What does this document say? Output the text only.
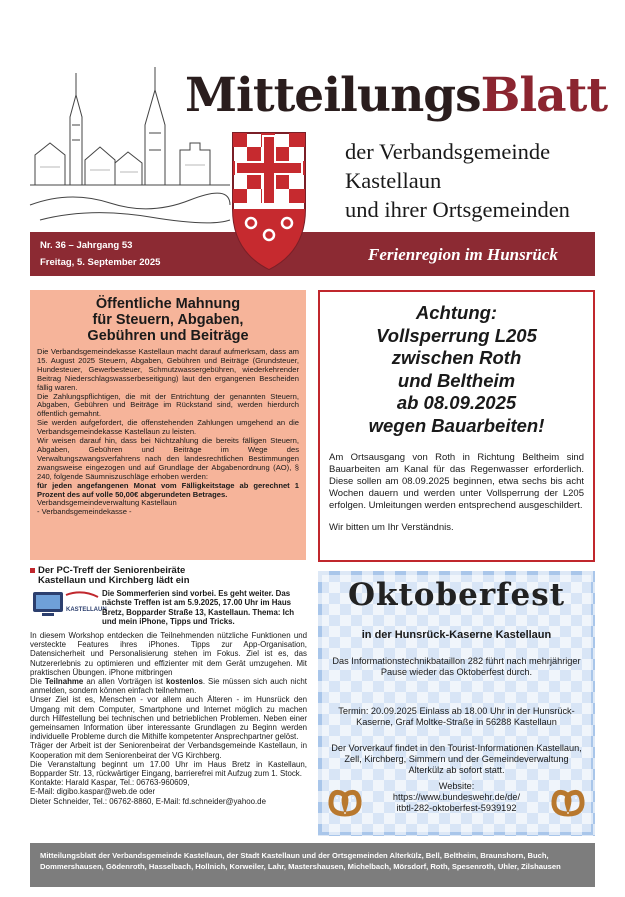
MitteilungsBlatt
der Verbandsgemeinde
Kastellaun
und ihrer Ortsgemeinden
Nr. 36 – Jahrgang 53
Freitag, 5. September 2025	Ferienregion im Hunsrück
Öffentliche Mahnung
für Steuern, Abgaben,
Gebühren und Beiträge

Die Verbandsgemeindekasse Kastellaun macht darauf aufmerksam, dass am 15. August 2025 Steuern, Abgaben, Gebühren und Beiträge (Grundsteuer, Hundesteuer, Gewerbesteuer, Schmutzwassergebühren, wiederkehrender Beitrag Niederschlagswasserbeseitigung) laut den ergangenen Bescheiden fällig waren.

Die Zahlungspflichtigen, die mit der Entrichtung der genannten Steuern, Abgaben, Gebühren und Beiträge im Rückstand sind, werden hierdurch öffentlich gemahnt.

Sie werden aufgefordert, die offenstehenden Zahlungen umgehend an die Verbandsgemeindekasse Kastellaun zu leisten.

Wir weisen darauf hin, dass bei Nichtzahlung die bereits fälligen Steuern, Abgaben, Gebühren und Beiträge im Wege des Verwaltungszwangsverfahrens nach den landesrechtlichen Bestimmungen zwangsweise eingezogen und auf Grundlage der Abgabenordnung (AO), § 240, folgende Säumniszuschläge erhoben werden:

für jeden angefangenen Monat vom Fälligkeitstage ab gerechnet 1 Prozent des auf volle 50,00€ abgerundeten Betrages.

Verbandsgemeindeverwaltung Kastellaun

- Verbandsgemeindekasse -

Achtung:
Vollsperrung L205
zwischen Roth
und Beltheim
ab 08.09.2025
wegen Bauarbeiten!
Am Ortsausgang von Roth in Richtung Beltheim sind Bauarbeiten am Kanal für das Regenwasser erforderlich. Diese sollen am 08.09.2025 beginnen, etwa sechs bis acht Wochen dauern und werden unter Vollsperrung der L205 erfolgen. Umleitungen werden entsprechend ausgeschildert.
Wir bitten um Ihr Verständnis.
Der PC-Treff der Seniorenbeiräte
Kastellaun und Kirchberg lädt ein
KASTELLAUN
Die Sommerferien sind vorbei. Es geht weiter. Das nächste Treffen ist am 5.9.2025, 17.00 Uhr im Haus Bretz, Bopparder Straße 13, Kastellaun. Thema: Ich und mein iPhone, Tipps und Tricks.
In diesem Workshop entdecken die Teilnehmenden nützliche Funktionen und versteckte Features ihres iPhones. Tipps zur App-Organisation, Datensicherheit und Personalisierung stehen im Fokus. Ziel ist es, das Nutzererlebnis zu optimieren und effizienter mit dem Gerät umzugehen. Mit praktischen Übungen. iPhone mitbringen
Die Teilnahme an allen Vorträgen ist kostenlos. Sie müssen sich auch nicht anmelden, sondern können einfach teilnehmen.
Unser Ziel ist es, Menschen - vor allem auch Älteren - im Hunsrück den Umgang mit dem Computer, Smartphone und Internet möglich zu machen durch Hilfestellung bei technischen und betrieblichen Problemen. Neben einer gemeinsamen Information über interessante Grundlagen zu Beginn werden individuelle Probleme durch die Mithilfe kompetenter Ansprechpartner gelöst.
Träger der Arbeit ist der Seniorenbeirat der Verbandsgemeinde Kastellaun, in Kooperation mit dem Seniorenbeirat der VG Kirchberg.
Die Veranstaltung beginnt um 17.00 Uhr im Haus Bretz in Kastellaun, Bopparder Str. 13, rückwärtiger Eingang, barrierefrei mit Aufzug zum 1. Stock.
Kontakte: Harald Kaspar, Tel.: 06763-960609,
E-Mail: digibo.kaspar@web.de oder
Dieter Schneider, Tel.: 06762-8860, E-Mail: fd.schneider@yahoo.de
Oktoberfest
in der Hunsrück-Kaserne Kastellaun
Das Informationstechnikbataillon 282 führt nach mehrjähriger Pause wieder das Oktoberfest durch.
Termin: 20.09.2025 Einlass ab 18.00 Uhr in der Hunsrück-Kaserne, Graf Moltke-Straße in 56288 Kastellaun
Der Vorverkauf findet in den Tourist-Informationen Kastellaun, Zell, Kirchberg, Simmern und der Gemeindeverwaltung Alterkülz ab sofort statt.
Website:
https://www.bundeswehr.de/de/
itbtl-282-oktoberfest-5939192
Mitteilungsblatt der Verbandsgemeinde Kastellaun, der Stadt Kastellaun und der Ortsgemeinden Alterkülz, Bell, Beltheim, Braunshorn, Buch, Dommershausen, Gödenroth, Hasselbach, Hollnich, Korweiler, Lahr, Mastershausen, Michelbach, Mörsdorf, Roth, Spesenroth, Uhler, Zilshausen
